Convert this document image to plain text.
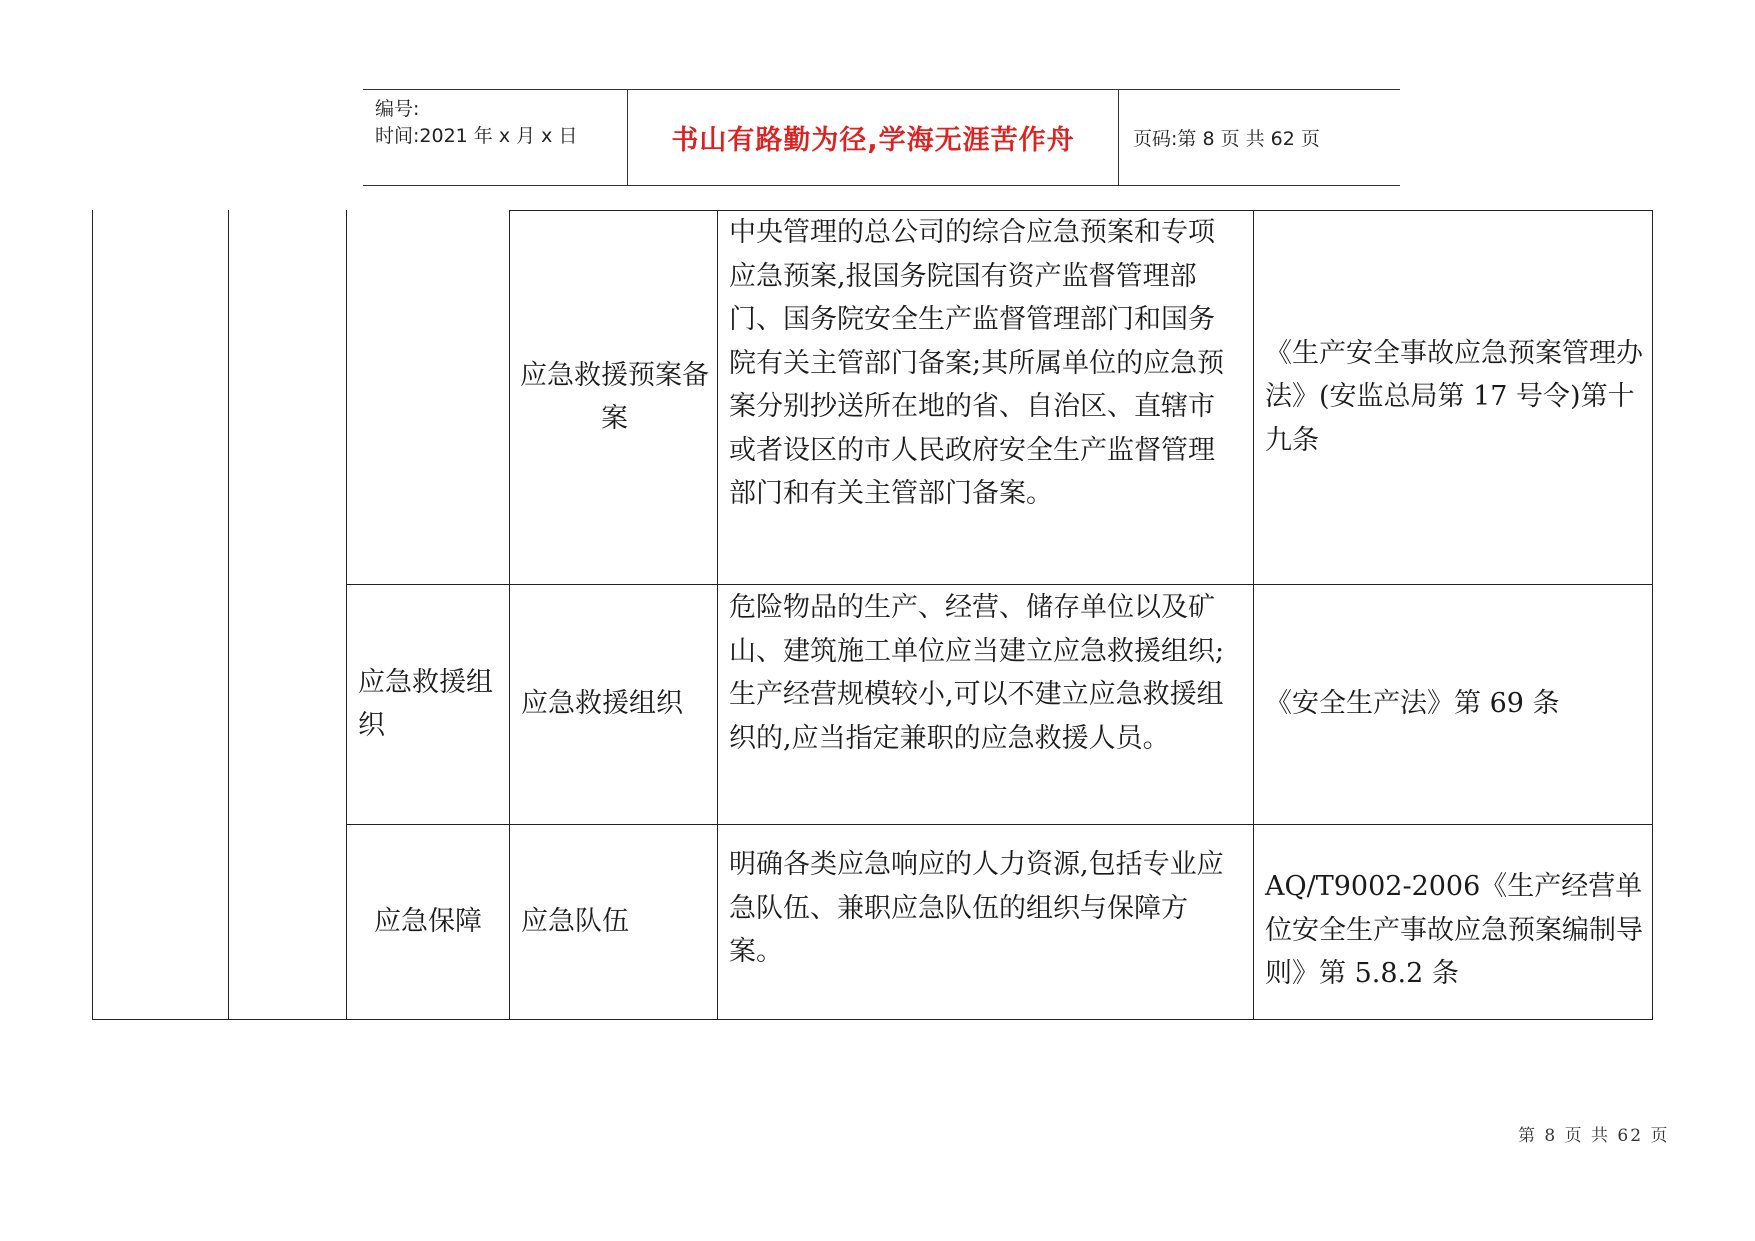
编号:
时间:2021 年 x 月 x 日	书山有路勤为径,学海无涯苦作舟	页码:第 8 页 共 62 页
应急救援预案备案
中央管理的总公司的综合应急预案和专项应急预案,报国务院国有资产监督管理部门、国务院安全生产监督管理部门和国务院有关主管部门备案;其所属单位的应急预案分别抄送所在地的省、自治区、直辖市或者设区的市人民政府安全生产监督管理部门和有关主管部门备案。
《生产安全事故应急预案管理办法》(安监总局第 17 号令)第十九条
应急救援组织
应急救援组织
危险物品的生产、经营、储存单位以及矿山、建筑施工单位应当建立应急救援组织;生产经营规模较小,可以不建立应急救援组织的,应当指定兼职的应急救援人员。
《安全生产法》第 69 条
应急保障 应急队伍
明确各类应急响应的人力资源,包括专业应急队伍、兼职应急队伍的组织与保障方案。
AQ/T9002-2006《生产经营单位安全生产事故应急预案编制导则》第 5.8.2 条
第 8 页 共 62 页
